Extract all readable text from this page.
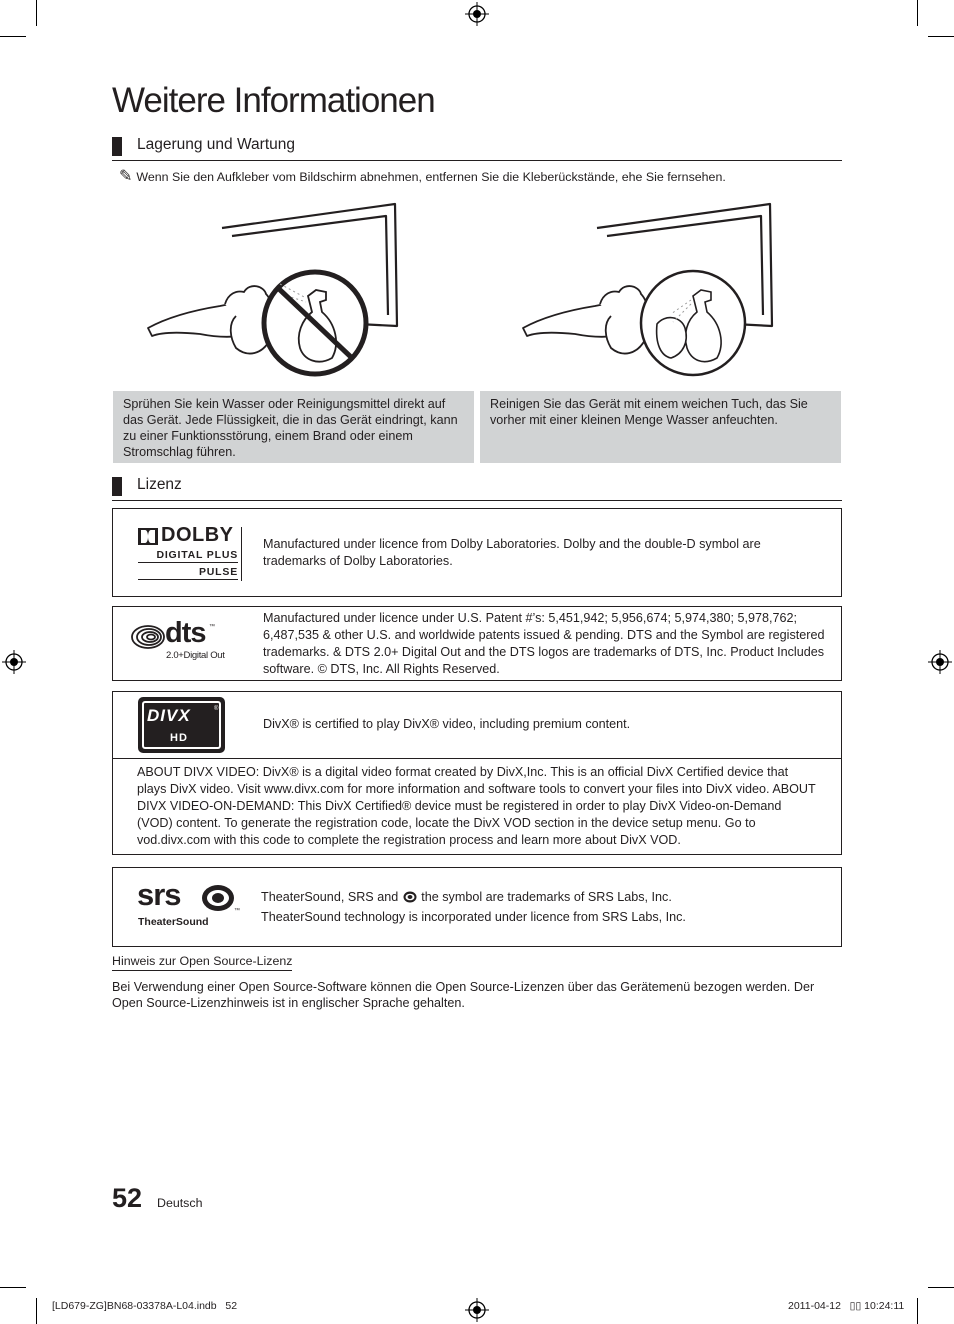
Weitere Informationen
Lagerung und Wartung
✎ Wenn Sie den Aufkleber vom Bildschirm abnehmen, entfernen Sie die Kleberückstände, ehe Sie fernsehen.
Sprühen Sie kein Wasser oder Reinigungsmittel direkt auf das Gerät. Jede Flüssigkeit, die in das Gerät eindringt, kann zu einer Funktionsstörung, einem Brand oder einem Stromschlag führen.
Reinigen Sie das Gerät mit einem weichen Tuch, das Sie vorher mit einer kleinen Menge Wasser anfeuchten.
Lizenz
DOLBY
DIGITAL PLUS
PULSE
Manufactured under licence from Dolby Laboratories. Dolby and the double-D symbol are trademarks of Dolby Laboratories.
dts ™
2.0+Digital Out
Manufactured under licence under U.S. Patent #’s: 5,451,942; 5,956,674; 5,974,380; 5,978,762; 6,487,535 & other U.S. and worldwide patents issued & pending. DTS and the Symbol are registered trademarks. & DTS 2.0+ Digital Out and the DTS logos are trademarks of DTS, Inc. Product Includes software. © DTS, Inc. All Rights Reserved.
DIVX	®
HD
DivX® is certified to play DivX® video, including premium content.
ABOUT DIVX VIDEO: DivX® is a digital video format created by DivX,Inc. This is an official DivX Certified device that plays DivX video. Visit www.divx.com for more information and software tools to convert your files into DivX video. ABOUT DIVX VIDEO-ON-DEMAND: This DivX Certified® device must be registered in order to play DivX Video-on-Demand (VOD) content. To generate the registration code, locate the DivX VOD section in the device setup menu. Go to vod.divx.com with this code to complete the registration process and learn more about DivX VOD.
srs	™
TheaterSound
TheaterSound, SRS and the symbol are trademarks of SRS Labs, Inc.
TheaterSound technology is incorporated under licence from SRS Labs, Inc.
Hinweis zur Open Source-Lizenz
Bei Verwendung einer Open Source-Software können die Open Source-Lizenzen über das Gerätemenü bezogen werden. Der Open Source-Lizenzhinweis ist in englischer Sprache gehalten.
52 Deutsch
[LD679-ZG]BN68-03378A-L04.indb   52	2011-04-12   ▯▯ 10:24:11
